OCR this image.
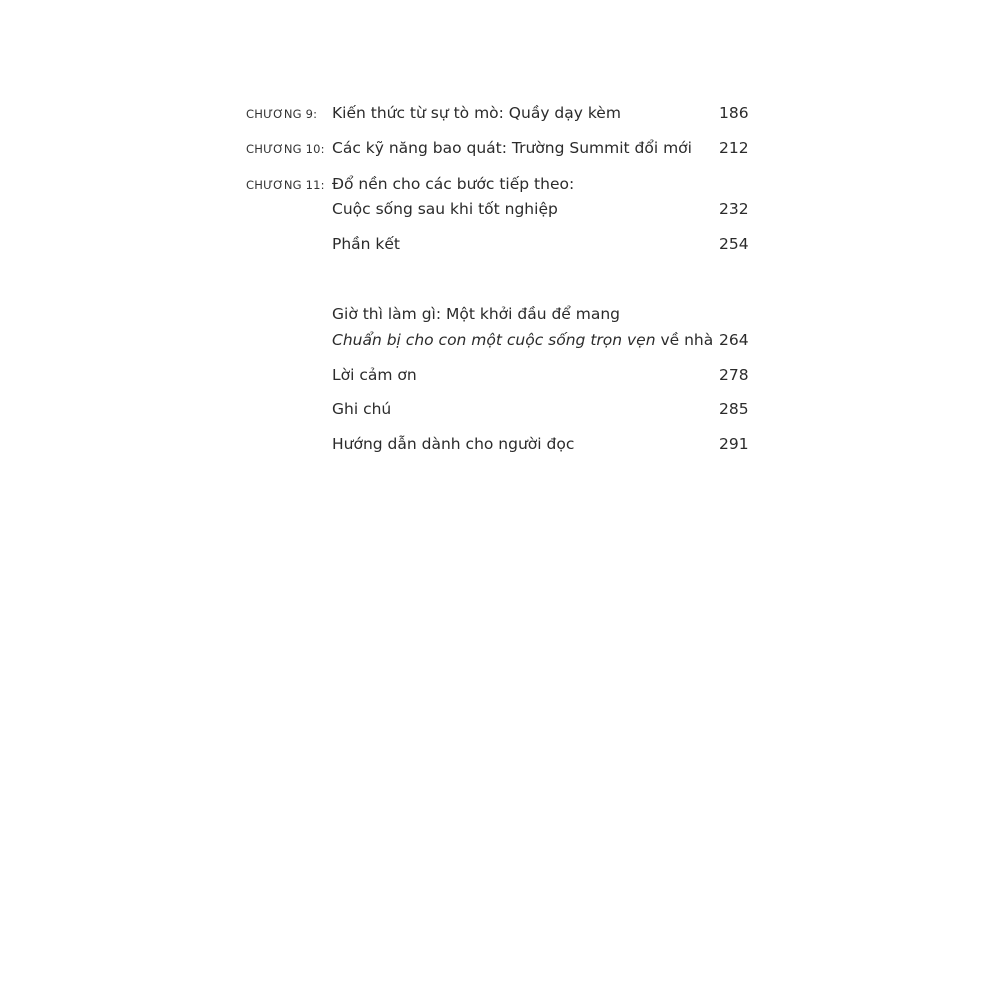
CHƯƠNG 9: Kiến thức từ sự tò mò: Quầy dạy kèm	186
CHƯƠNG 10: Các kỹ năng bao quát: Trường Summit đổi mới 212
CHƯƠNG 11: Đổ nền cho các bước tiếp theo:
Cuộc sống sau khi tốt nghiệp	232
Phần kết	254
Giờ thì làm gì: Một khởi đầu để mang
Chuẩn bị cho con một cuộc sống trọn vẹn về nhà 264
Lời cảm ơn	278
Ghi chú	285
Hướng dẫn dành cho người đọc	291
